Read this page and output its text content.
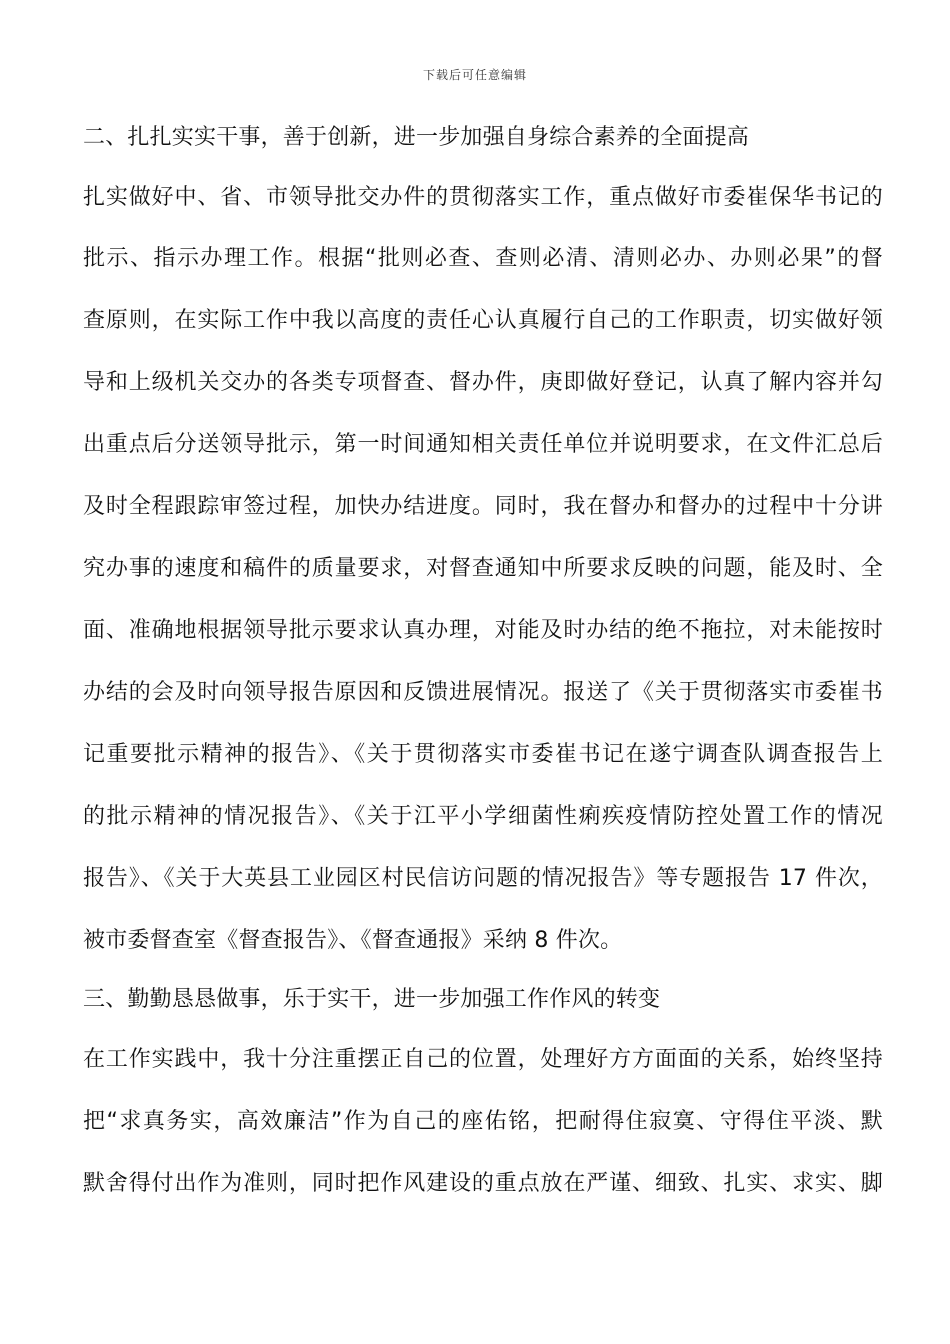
下载后可任意编辑
二、扎扎实实干事，善于创新，进一步加强自身综合素养的全面提高
扎实做好中、省、市领导批交办件的贯彻落实工作，重点做好市委崔保华书记的
批示、指示办理工作。根据“批则必查、查则必清、清则必办、办则必果”的督
查原则，在实际工作中我以高度的责任心认真履行自己的工作职责，切实做好领
导和上级机关交办的各类专项督查、督办件，庚即做好登记，认真了解内容并勾
出重点后分送领导批示，第一时间通知相关责任单位并说明要求，在文件汇总后
及时全程跟踪审签过程，加快办结进度。同时，我在督办和督办的过程中十分讲
究办事的速度和稿件的质量要求，对督查通知中所要求反映的问题，能及时、全
面、准确地根据领导批示要求认真办理，对能及时办结的绝不拖拉，对未能按时
办结的会及时向领导报告原因和反馈进展情况。报送了《关于贯彻落实市委崔书
记重要批示精神的报告》、《关于贯彻落实市委崔书记在遂宁调查队调查报告上
的批示精神的情况报告》、《关于江平小学细菌性痢疾疫情防控处置工作的情况
报告》、《关于大英县工业园区村民信访问题的情况报告》等专题报告 17 件次，
被市委督查室《督查报告》、《督查通报》采纳 8 件次。
三、勤勤恳恳做事，乐于实干，进一步加强工作作风的转变
在工作实践中，我十分注重摆正自己的位置，处理好方方面面的关系，始终坚持
把“求真务实，高效廉洁”作为自己的座佑铭，把耐得住寂寞、守得住平淡、默
默舍得付出作为准则，同时把作风建设的重点放在严谨、细致、扎实、求实、脚
